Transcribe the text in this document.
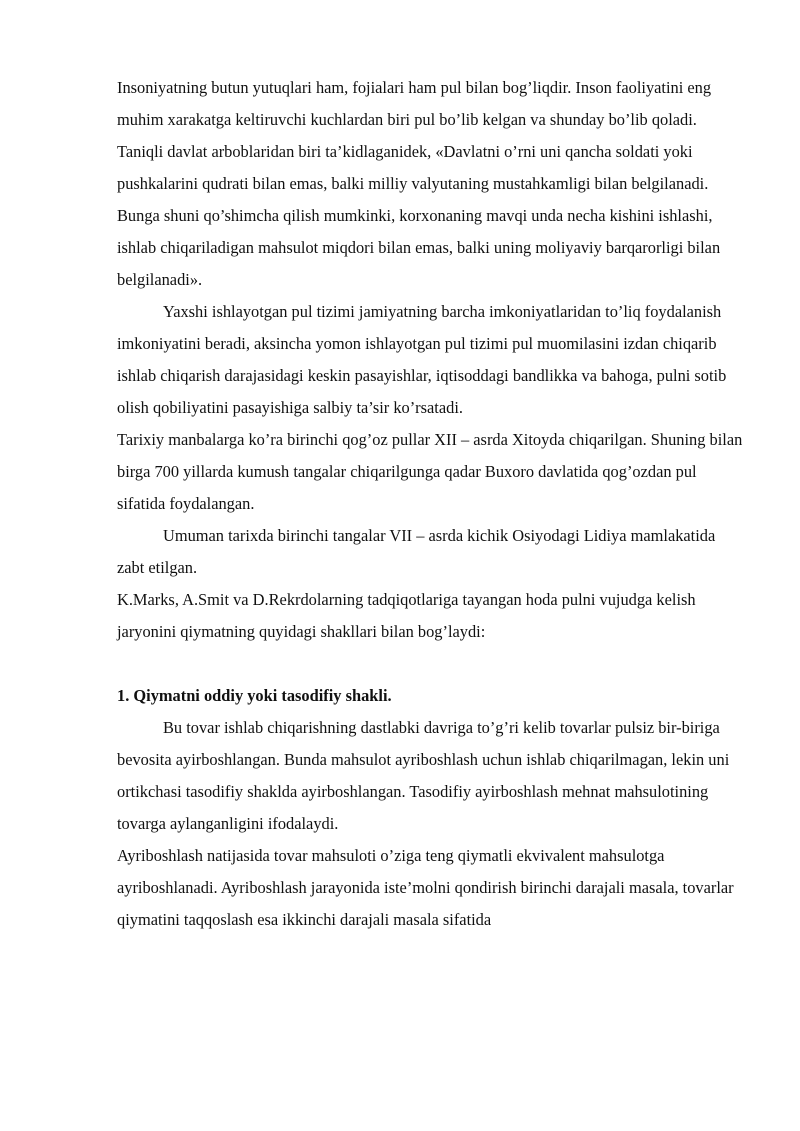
Insoniyatning butun yutuqlari ham, fojialari ham pul bilan bog’liqdir. Inson faoliyatini eng muhim xarakatga keltiruvchi kuchlardan biri pul bo’lib kelgan va shunday bo’lib qoladi.

Taniqli davlat arboblaridan biri ta’kidlaganidek, «Davlatni o’rni uni qancha soldati yoki pushkalarini qudrati bilan emas, balki milliy valyutaning mustahkamligi bilan belgilanadi. Bunga shuni qo’shimcha qilish mumkinki, korxonaning mavqi unda necha kishini ishlashi, ishlab chiqariladigan mahsulot miqdori bilan emas, balki uning moliyaviy barqarorligi bilan belgilanadi».

Yaxshi ishlayotgan pul tizimi jamiyatning barcha imkoniyatlaridan to’liq foydalanish imkoniyatini beradi, aksincha yomon ishlayotgan pul tizimi pul muomilasini izdan chiqarib ishlab chiqarish darajasidagi keskin pasayishlar, iqtisoddagi bandlikka va bahoga, pulni sotib olish qobiliyatini pasayishiga salbiy ta’sir ko’rsatadi.

Tarixiy manbalarga ko’ra birinchi qog’oz pullar XII – asrda Xitoyda chiqarilgan. Shuning bilan birga 700 yillarda kumush tangalar chiqarilgunga qadar Buxoro davlatida qog’ozdan pul sifatida foydalangan.

Umuman tarixda birinchi tangalar VII – asrda kichik Osiyodagi Lidiya mamlakatida zabt etilgan.

K.Marks, A.Smit va D.Rekrdolarning tadqiqotlariga tayangan hoda pulni vujudga kelish jaryonini qiymatning quyidagi shakllari bilan bog’laydi:

1. Qiymatni oddiy yoki tasodifiy shakli.

Bu tovar ishlab chiqarishning dastlabki davriga to’g’ri kelib tovarlar pulsiz bir-biriga bevosita ayirboshlangan. Bunda mahsulot ayriboshlash uchun ishlab chiqarilmagan, lekin uni ortikchasi tasodifiy shaklda ayirboshlangan. Tasodifiy ayirboshlash mehnat mahsulotining tovarga aylanganligini ifodalaydi.

Ayriboshlash natijasida tovar mahsuloti o’ziga teng qiymatli ekvivalent mahsulotga ayriboshlanadi. Ayriboshlash jarayonida iste’molni qondirish birinchi darajali masala, tovarlar qiymatini taqqoslash esa ikkinchi darajali masala sifatida
